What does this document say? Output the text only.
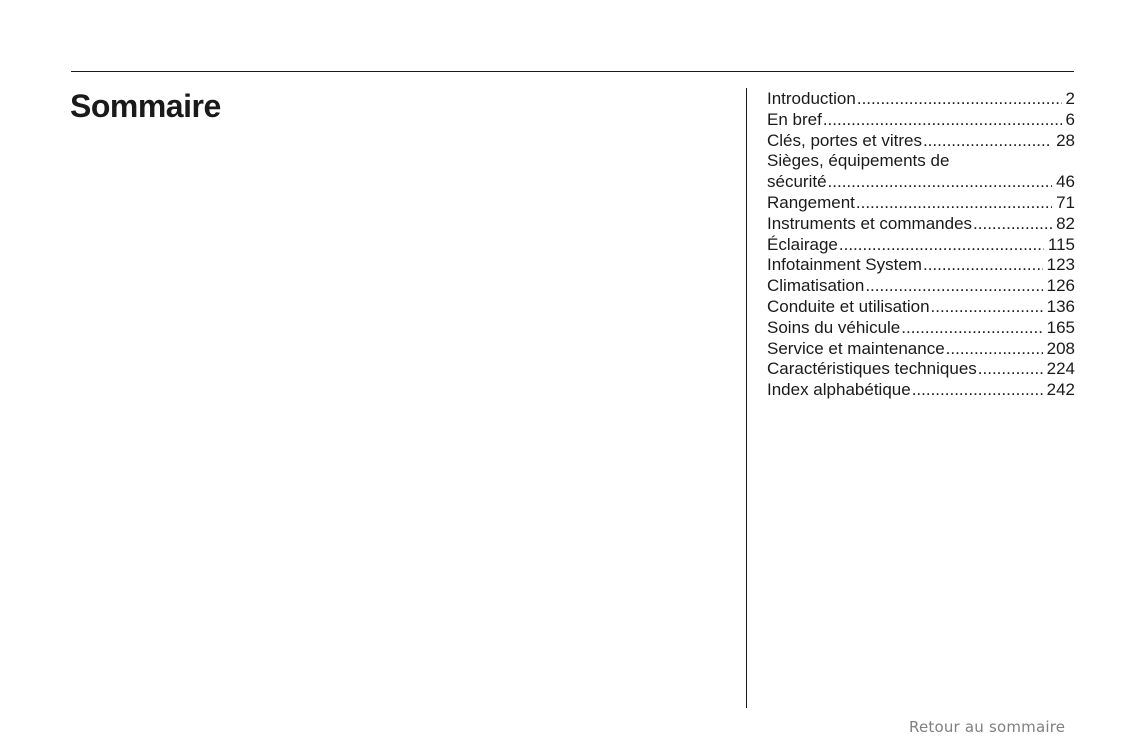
Sommaire	Introduction .....	2
En bref .....	6
Clés, portes et vitres .....	28
Sièges, équipements de
sécurité .....	46
Rangement .....	71
Instruments et commandes .....	82
Éclairage .....	115
Infotainment System .....	123
Climatisation .....	126
Conduite et utilisation .....	136
Soins du véhicule .....	165
Service et maintenance .....	208
Caractéristiques techniques .....	224
Index alphabétique .....	242
Retour au sommaire
